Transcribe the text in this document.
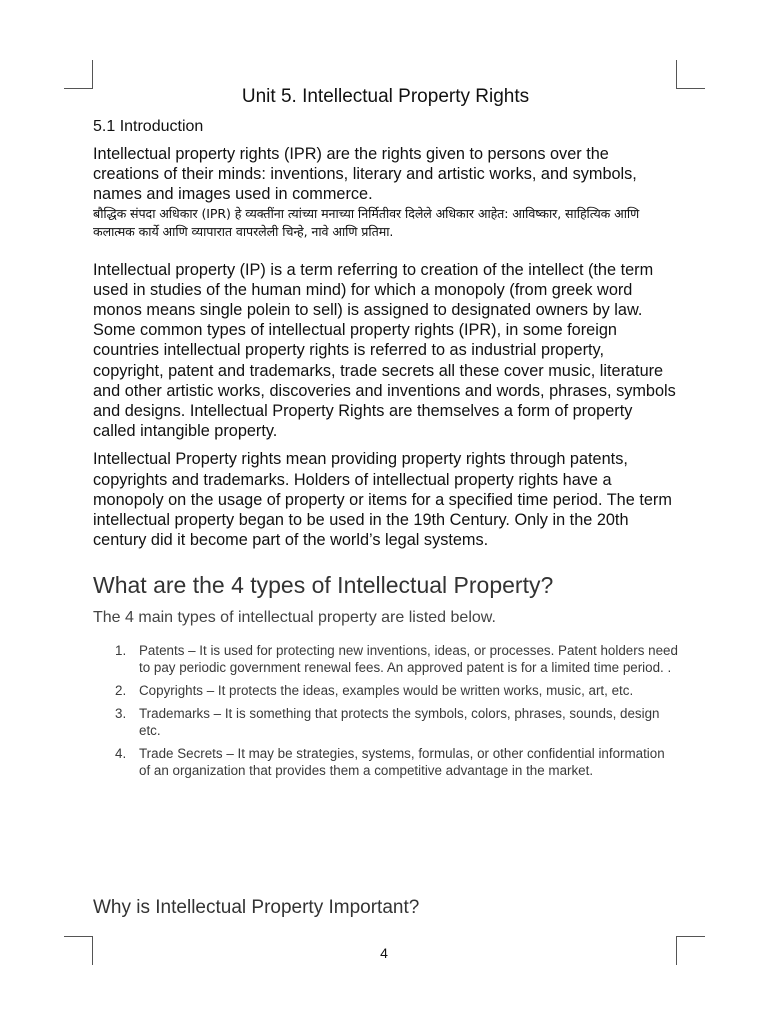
Unit 5. Intellectual Property Rights
5.1 Introduction

Intellectual property rights (IPR) are the rights given to persons over the creations of their minds: inventions, literary and artistic works, and symbols, names and images used in commerce.

बौद्धिक संपदा अधिकार (IPR) हे व्यक्तींना त्यांच्या मनाच्या निर्मितीवर दिलेले अधिकार आहेत: आविष्कार, साहित्यिक आणि कलात्मक कार्ये आणि व्यापारात वापरलेली चिन्हे, नावे आणि प्रतिमा.

Intellectual property (IP) is a term referring to creation of the intellect (the term used in studies of the human mind) for which a monopoly (from greek word monos means single polein to sell) is assigned to designated owners by law. Some common types of intellectual property rights (IPR), in some foreign countries intellectual property rights is referred to as industrial property, copyright, patent and trademarks, trade secrets all these cover music, literature and other artistic works, discoveries and inventions and words, phrases, symbols and designs. Intellectual Property Rights are themselves a form of property called intangible property.

Intellectual Property rights mean providing property rights through patents, copyrights and trademarks. Holders of intellectual property rights have a monopoly on the usage of property or items for a specified time period. The term intellectual property began to be used in the 19th Century. Only in the 20th century did it become part of the world’s legal systems.

What are the 4 types of Intellectual Property?
The 4 main types of intellectual property are listed below.
1. Patents – It is used for protecting new inventions, ideas, or processes. Patent holders need to pay periodic government renewal fees. An approved patent is for a limited time period. .
2. Copyrights – It protects the ideas, examples would be written works, music, art, etc.
3. Trademarks – It is something that protects the symbols, colors, phrases, sounds, design etc.
4. Trade Secrets – It may be strategies, systems, formulas, or other confidential information of an organization that provides them a competitive advantage in the market.
Why is Intellectual Property Important?
4
